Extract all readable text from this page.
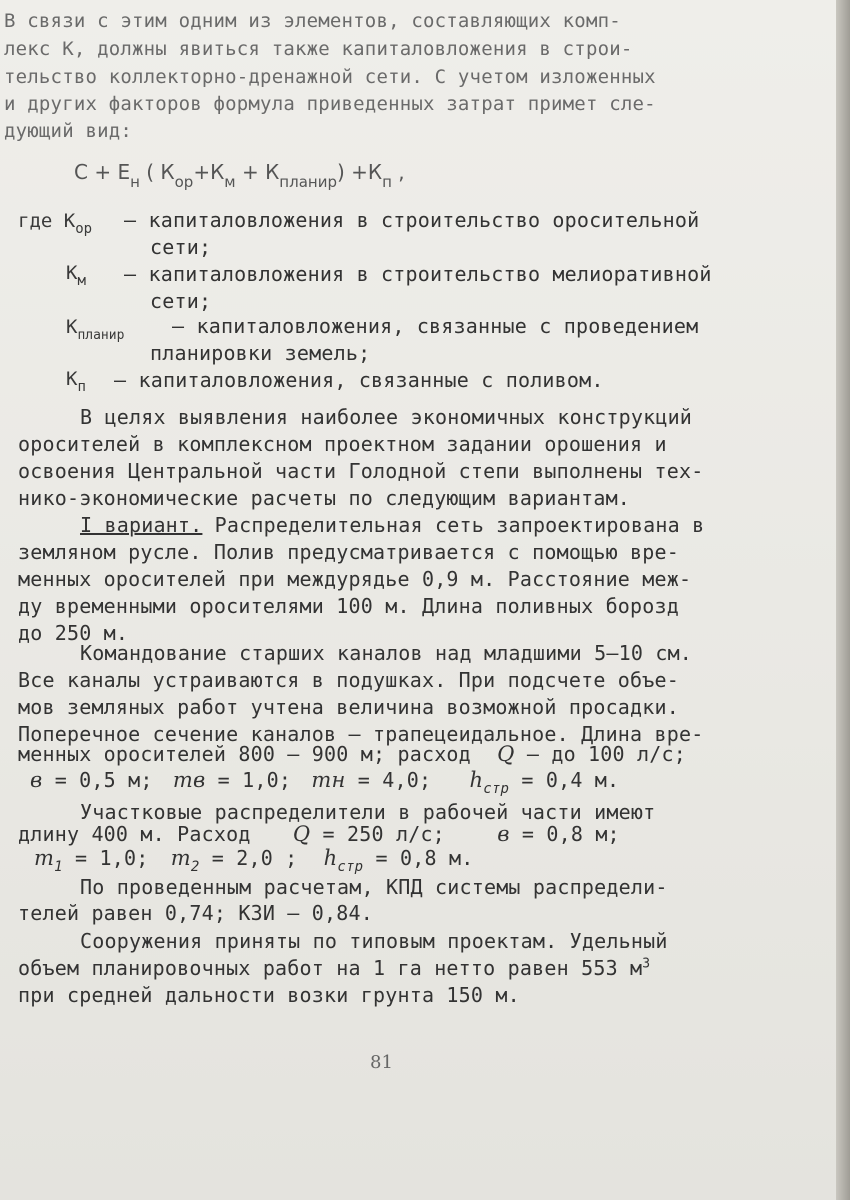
В связи с этим одним из элементов, составляющих комп-
лекс К, должны явиться также капиталовложения в строи-
тельство коллекторно-дренажной сети. С учетом изложенных
и других факторов формула приведенных затрат примет сле-
дующий вид:
$С + Е_н$ ( $К_{ор}+К_м + К_{планир}) +К_п$ ,
где $К_{ор}$ – капиталовложения в строительство оросительной
сети;
$К_м$ – капиталовложения в строительство мелиоративной
сети;
$К_{планир}$ – капиталовложения, связанные с проведением
планировки земель;
$К_п$ – капиталовложения, связанные с поливом.
В целях выявления наиболее экономичных конструкций
оросителей в комплексном проектном задании орошения и
освоения Центральной части Голодной степи выполнены тех-
нико-экономические расчеты по следующим вариантам.
I вариант. Распределительная сеть запроектирована в
земляном русле. Полив предусматривается с помощью вре-
менных оросителей при междурядье 0,9 м. Расстояние меж-
ду временными оросителями 100 м. Длина поливных борозд
до 250 м.
Командование старших каналов над младшими 5–10 см.
Все каналы устраиваются в подушках. При подсчете объе-
мов земляных работ учтена величина возможной просадки.
Поперечное сечение каналов – трапецеидальное. Длина вре-
менных оросителей 800 – 900 м; расход Q – до 100 л/с;
в = 0,5 м; mв = 1,0; mн = 4,0; $h_{стр} = 0,4$ м.
Участковые распределители в рабочей части имеют
длину 400 м. Расход Q = 250 л/с; в = 0,8 м;
$m_1 = 1,0$; $m_2 = 2,0$ ; $h_{стр} = 0,8$ м.
По проведенным расчетам, КПД системы распредели-
телей равен 0,74; КЗИ – 0,84.
Сооружения приняты по типовым проектам. Удельный
объем планировочных работ на 1 га нетто равен 553 $м^3$
при средней дальности возки грунта 150 м.
81
